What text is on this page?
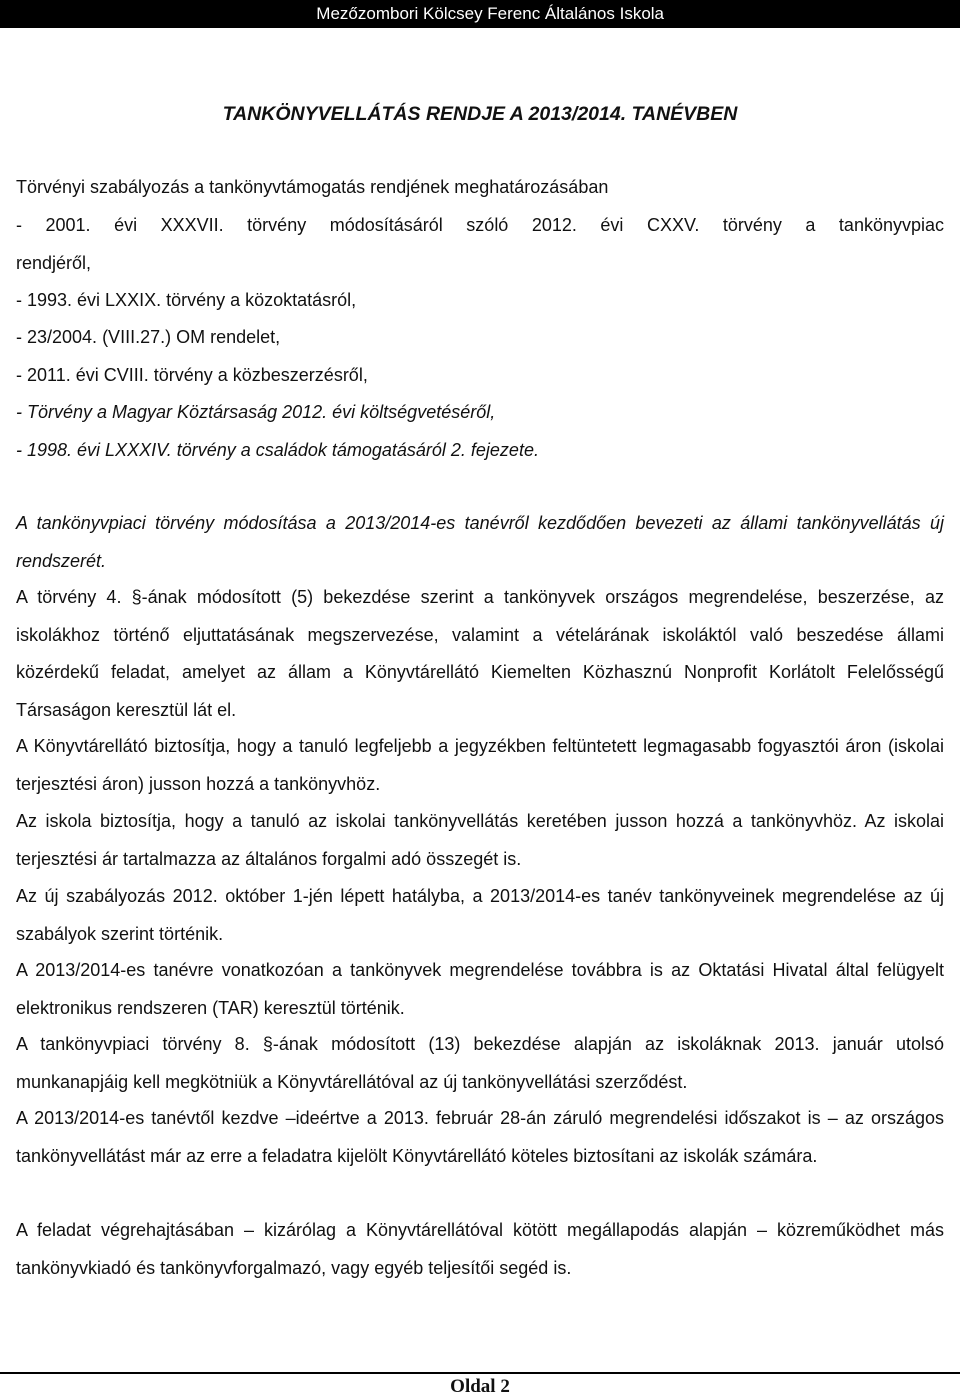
Mezőzombori Kölcsey Ferenc Általános Iskola
TANKÖNYVELLÁTÁS RENDJE A 2013/2014. TANÉVBEN
Törvényi szabályozás a tankönyvtámogatás rendjének meghatározásában
- 2001. évi XXXVII. törvény módosításáról szóló 2012. évi CXXV. törvény a tankönyvpiac
rendjéről,
- 1993. évi LXXIX. törvény a közoktatásról,
- 23/2004. (VIII.27.) OM rendelet,
- 2011. évi CVIII. törvény a közbeszerzésről,
- Törvény a Magyar Köztársaság 2012. évi költségvetéséről,
- 1998. évi LXXXIV. törvény a családok támogatásáról 2. fejezete.
A tankönyvpiaci törvény módosítása a 2013/2014-es tanévről kezdődően bevezeti az állami tankönyvellátás új rendszerét.
A törvény 4. §-ának módosított (5) bekezdése szerint a tankönyvek országos megrendelése, beszerzése, az iskolákhoz történő eljuttatásának megszervezése, valamint a vételárának iskoláktól való beszedése állami közérdekű feladat, amelyet az állam a Könyvtárellátó Kiemelten Közhasznú Nonprofit Korlátolt Felelősségű Társaságon keresztül lát el.
A Könyvtárellátó biztosítja, hogy a tanuló legfeljebb a jegyzékben feltüntetett legmagasabb fogyasztói áron (iskolai terjesztési áron) jusson hozzá a tankönyvhöz.
Az iskola biztosítja, hogy a tanuló az iskolai tankönyvellátás keretében jusson hozzá a tankönyvhöz. Az iskolai terjesztési ár tartalmazza az általános forgalmi adó összegét is.
Az új szabályozás 2012. október 1-jén lépett hatályba, a 2013/2014-es tanév tankönyveinek megrendelése az új szabályok szerint történik.
A 2013/2014-es tanévre vonatkozóan a tankönyvek megrendelése továbbra is az Oktatási Hivatal által felügyelt elektronikus rendszeren (TAR) keresztül történik.
A tankönyvpiaci törvény 8. §-ának módosított (13) bekezdése alapján az iskoláknak 2013. január utolsó munkanapjáig kell megkötniük a Könyvtárellátóval az új tankönyvellátási szerződést.
A 2013/2014-es tanévtől kezdve –ideértve a 2013. február 28-án záruló megrendelési időszakot is – az országos tankönyvellátást már az erre a feladatra kijelölt Könyvtárellátó köteles biztosítani az iskolák számára.
A feladat végrehajtásában – kizárólag a Könyvtárellátóval kötött megállapodás alapján – közreműködhet más tankönyvkiadó és tankönyvforgalmazó, vagy egyéb teljesítői segéd is.
Oldal 2
